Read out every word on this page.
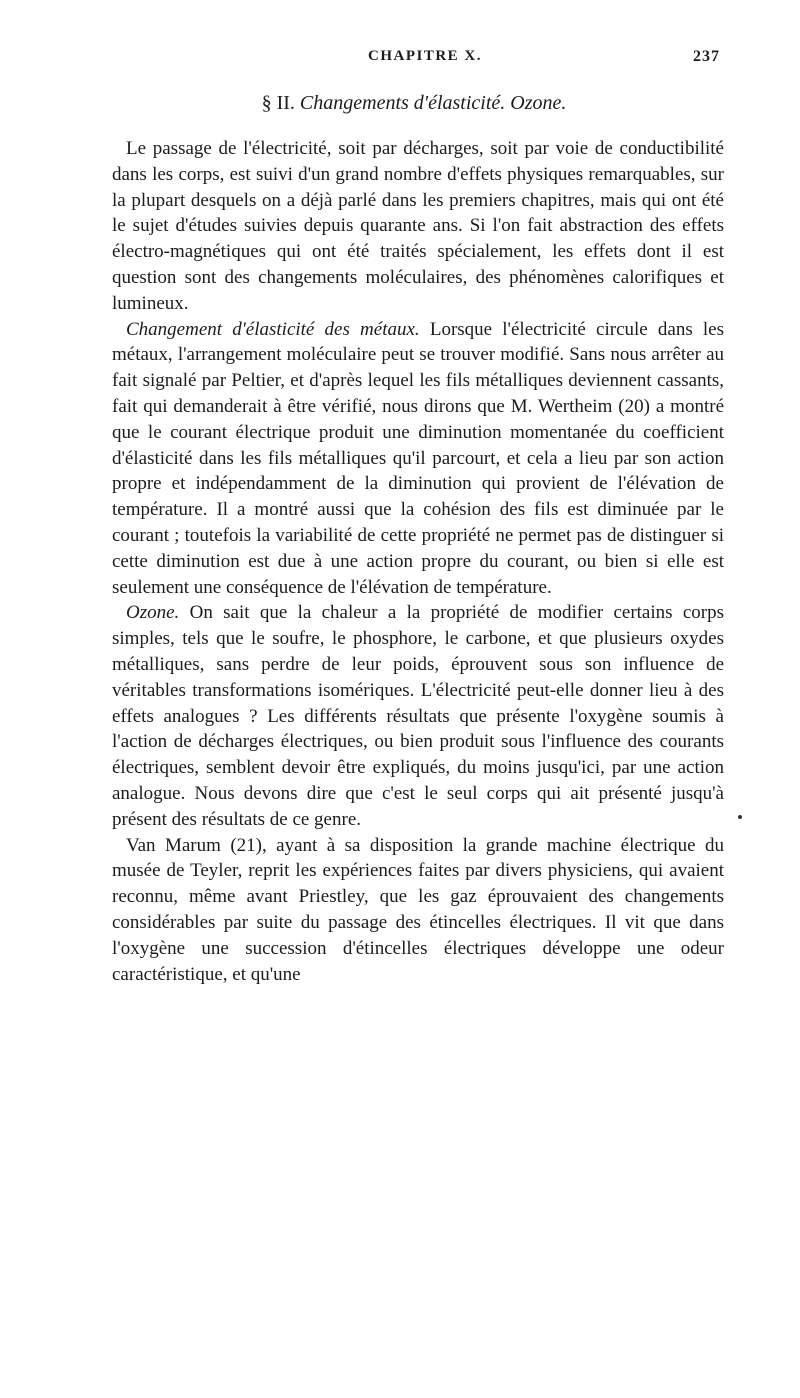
CHAPITRE X.	237
§ II. Changements d'élasticité. Ozone.

Le passage de l'électricité, soit par décharges, soit par voie de conductibilité dans les corps, est suivi d'un grand nombre d'effets physiques remarquables, sur la plupart desquels on a déjà parlé dans les premiers chapitres, mais qui ont été le sujet d'études suivies depuis quarante ans. Si l'on fait abstraction des effets électro-magnétiques qui ont été traités spécialement, les effets dont il est question sont des changements moléculaires, des phénomènes calorifiques et lumineux.

Changement d'élasticité des métaux. Lorsque l'électricité circule dans les métaux, l'arrangement moléculaire peut se trouver modifié. Sans nous arrêter au fait signalé par Peltier, et d'après lequel les fils métalliques deviennent cassants, fait qui demanderait à être vérifié, nous dirons que M. Wertheim (20) a montré que le courant électrique produit une diminution momentanée du coefficient d'élasticité dans les fils métalliques qu'il parcourt, et cela a lieu par son action propre et indépendamment de la diminution qui provient de l'élévation de température. Il a montré aussi que la cohésion des fils est diminuée par le courant ; toutefois la variabilité de cette propriété ne permet pas de distinguer si cette diminution est due à une action propre du courant, ou bien si elle est seulement une conséquence de l'élévation de température.

Ozone. On sait que la chaleur a la propriété de modifier certains corps simples, tels que le soufre, le phosphore, le carbone, et que plusieurs oxydes métalliques, sans perdre de leur poids, éprouvent sous son influence de véritables transformations isomériques. L'électricité peut-elle donner lieu à des effets analogues ? Les différents résultats que présente l'oxygène soumis à l'action de décharges électriques, ou bien produit sous l'influence des courants électriques, semblent devoir être expliqués, du moins jusqu'ici, par une action analogue. Nous devons dire que c'est le seul corps qui ait présenté jusqu'à présent des résultats de ce genre.

Van Marum (21), ayant à sa disposition la grande machine électrique du musée de Teyler, reprit les expériences faites par divers physiciens, qui avaient reconnu, même avant Priestley, que les gaz éprouvaient des changements considérables par suite du passage des étincelles électriques. Il vit que dans l'oxygène une succession d'étincelles électriques développe une odeur caractéristique, et qu'une
